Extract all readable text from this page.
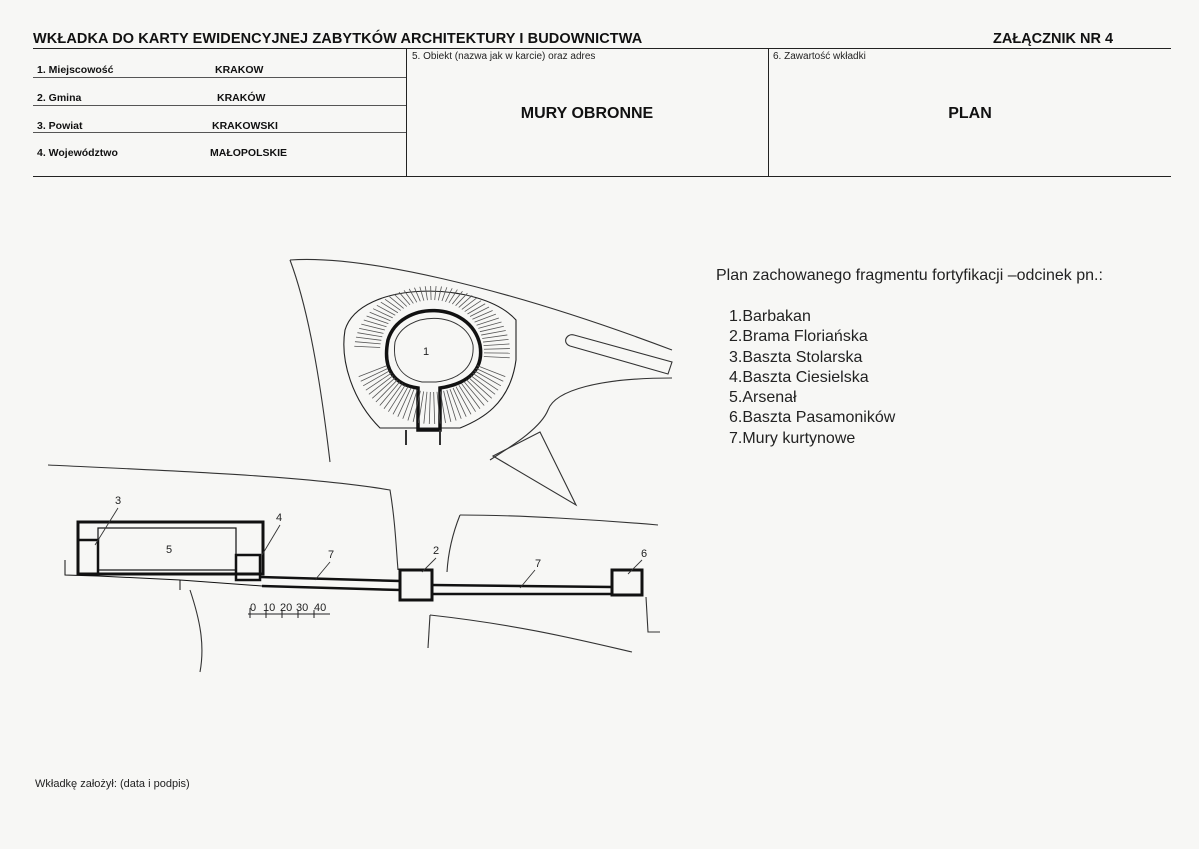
WKŁADKA DO KARTY EWIDENCYJNEJ ZABYTKÓW ARCHITEKTURY I BUDOWNICTWA	ZAŁĄCZNIK NR 4
1. Miejscowość	KRAKOW
2. Gmina	KRAKÓW
3. Powiat	KRAKOWSKI
4. Województwo	MAŁOPOLSKIE
5. Obiekt (nazwa jak w karcie) oraz adres
MURY OBRONNE
6. Zawartość wkładki
PLAN
1
2
3
4
5	6
7
7
0 10 20 30 40
Plan zachowanego fragmentu fortyfikacji –odcinek pn.:
1.Barbakan
2.Brama Floriańska
3.Baszta Stolarska
4.Baszta Ciesielska
5.Arsenał
6.Baszta Pasamoników
7.Mury kurtynowe
Wkładkę założył: (data i podpis)
